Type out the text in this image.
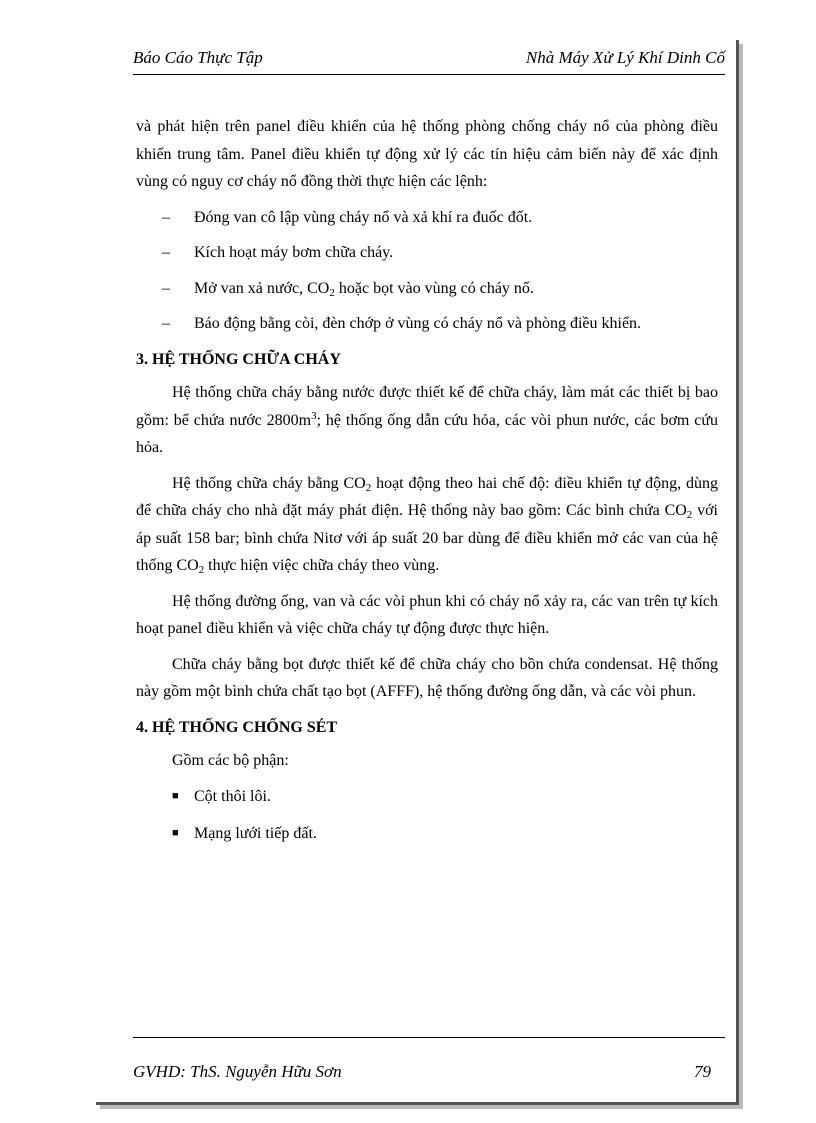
Báo Cáo Thực Tập	Nhà Máy Xử Lý Khí Dinh Cố

và phát hiện trên panel điều khiển của hệ thống phòng chống cháy nổ của phòng điều khiển trung tâm. Panel điều khiển tự động xử lý các tín hiệu cảm biến này để xác định vùng có nguy cơ cháy nổ đồng thời thực hiện các lệnh:

–	Đóng van cô lập vùng cháy nổ và xả khí ra đuốc đốt.
–	Kích hoạt máy bơm chữa cháy.
–	Mở van xả nước, $CO_2$ hoặc bọt vào vùng có cháy nổ.
–	Báo động bằng còi, đèn chớp ở vùng có cháy nổ và phòng điều khiển.
3. HỆ THỐNG CHỮA CHÁY

Hệ thống chữa cháy bằng nước được thiết kế để chữa cháy, làm mát các thiết bị bao gồm: bể chứa nước $2800m^3$; hệ thống ống dẫn cứu hỏa, các vòi phun nước, các bơm cứu hỏa.

Hệ thống chữa cháy bằng $CO_2$ hoạt động theo hai chế độ: điều khiển tự động, dùng để chữa cháy cho nhà đặt máy phát điện. Hệ thống này bao gồm: Các bình chứa $CO_2$ với áp suất 158 bar; bình chứa Nitơ với áp suất 20 bar dùng để điều khiển mở các van của hệ thống $CO_2$ thực hiện việc chữa cháy theo vùng.

Hệ thống đường ống, van và các vòi phun khi có cháy nổ xảy ra, các van trên tự kích hoạt panel điều khiển và việc chữa cháy tự động được thực hiện.

Chữa cháy bằng bọt được thiết kế để chữa cháy cho bồn chứa condensat. Hệ thống này gồm một bình chứa chất tạo bọt (AFFF), hệ thống đường ống dẫn, và các vòi phun.

4. HỆ THỐNG CHỐNG SÉT

Gồm các bộ phận:

■ Cột thôi lôi.
■ Mạng lưới tiếp đất.
GVHD: ThS. Nguyễn Hữu Sơn	79
